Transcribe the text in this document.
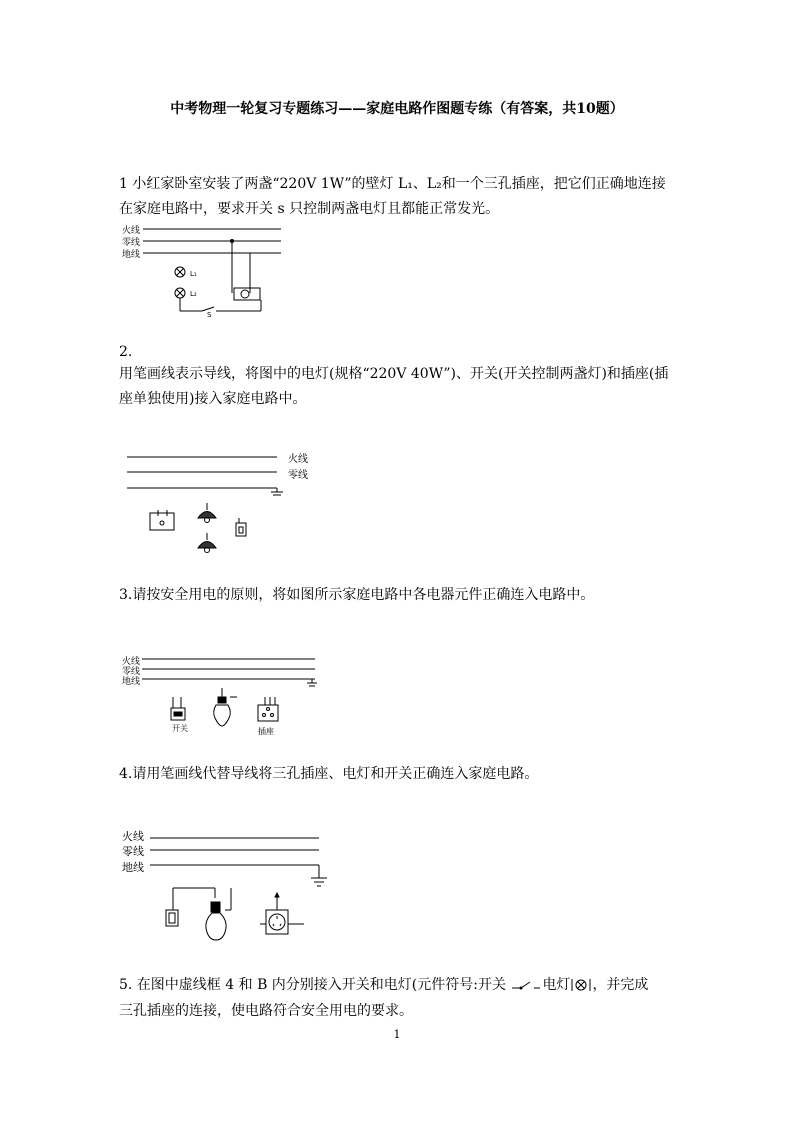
中考物理一轮复习专题练习——家庭电路作图题专练（有答案，共10题）
1 小红家卧室安装了两盏“220V 1W”的壁灯 L₁、L₂和一个三孔插座，把它们正确地连接在家庭电路中，要求开关 s 只控制两盏电灯且都能正常发光。
火线
零线
地线
L₁
L₂
S
2.
用笔画线表示导线，将图中的电灯(规格“220V 40W”)、开关(开关控制两盏灯)和插座(插座单独使用)接入家庭电路中。
火线
零线
3.请按安全用电的原则，将如图所示家庭电路中各电器元件正确连入电路中。
火线
零线
地线
开关	插座
4.请用笔画线代替导线将三孔插座、电灯和开关正确连入家庭电路。
火线
零线
地线
5. 在图中虚线框 4 和 B 内分别接入开关和电灯(元件符号:开关	电灯 ，并完成
三孔插座的连接，使电路符合安全用电的要求。
1
